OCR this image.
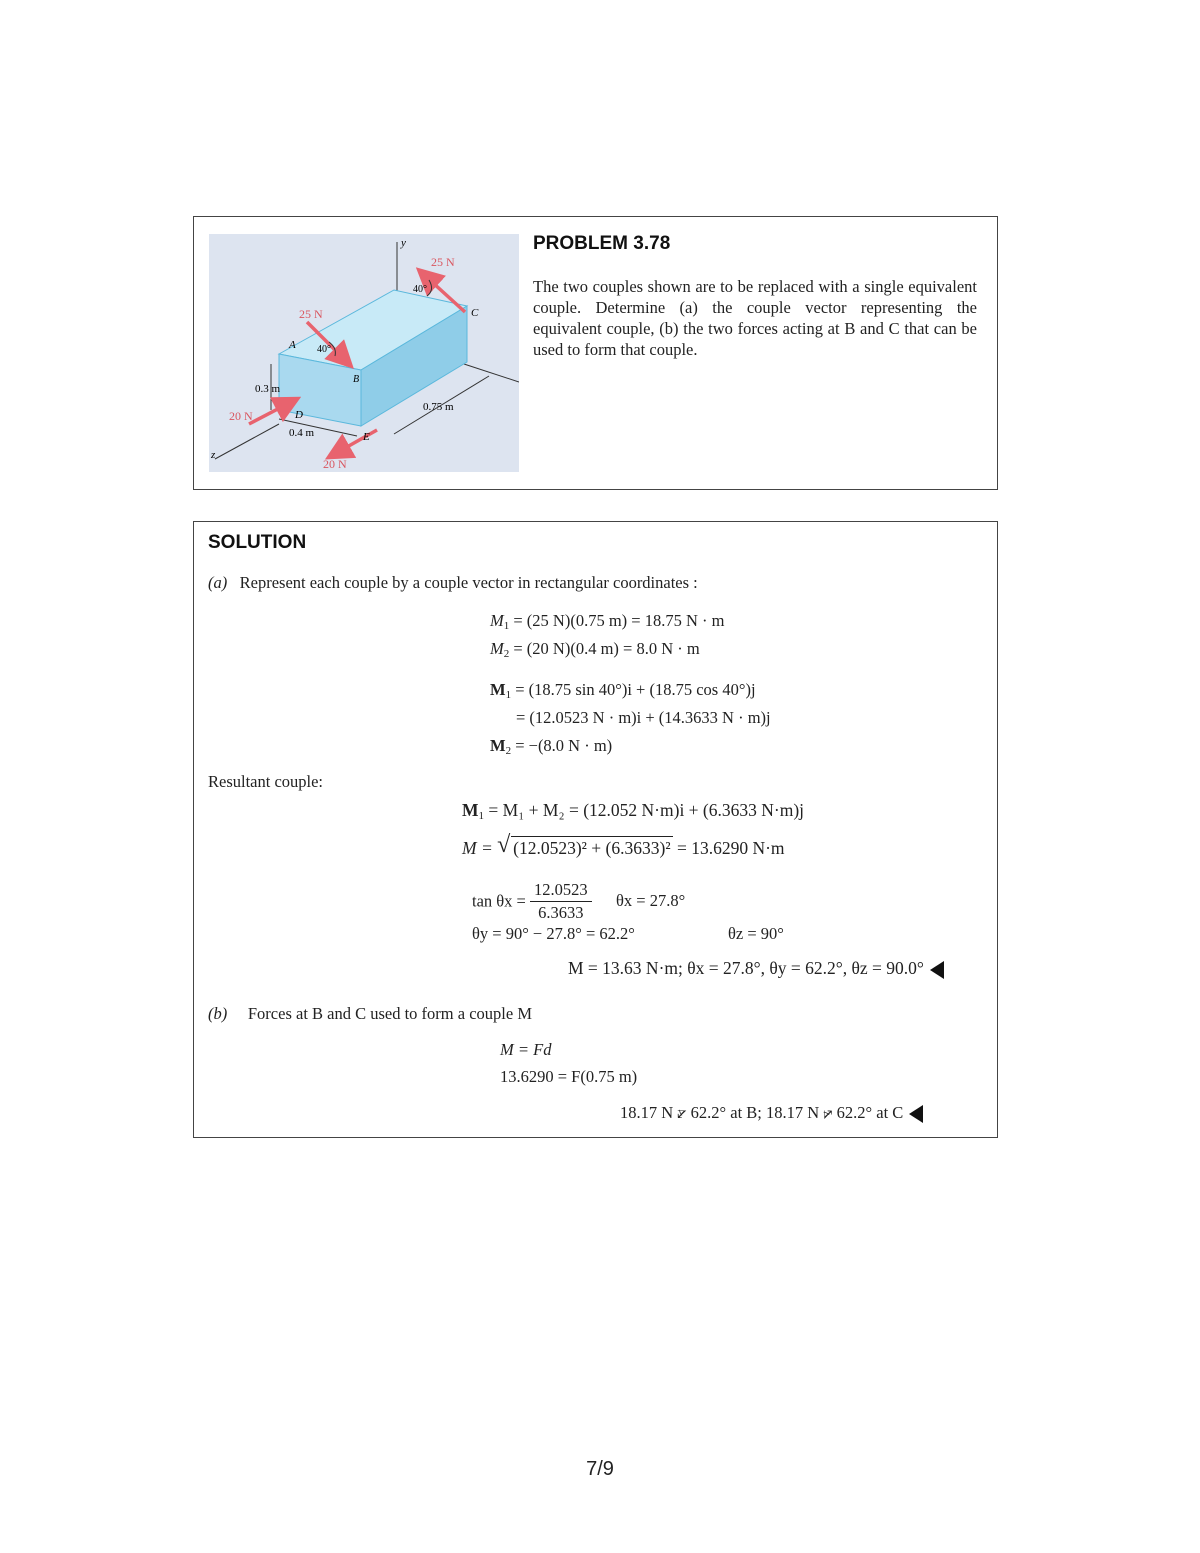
y
z
25 N
25 N
40°
40°
A
B
C
D
E
0.3 m
0.4 m
0.75 m
20 N
20 N
PROBLEM 3.78
The two couples shown are to be replaced with a single equivalent couple. Determine (a) the couple vector representing the equivalent couple, (b) the two forces acting at B and C that can be used to form that couple.
SOLUTION
(a) Represent each couple by a couple vector in rectangular coordinates :
$M_1 = (25$ N)(0.75 m) = 18.75 N · m
$M_2 = (20$ N)(0.4 m) = 8.0 N · m
$M_1 = (18.75$ sin 40°)i + (18.75 cos 40°)j
= (12.0523 N · m)i + (14.3633 N · m)j
$M_2 = -(8.0$ N · m)
Resultant couple:
$M_1 = M_1 + M_2 = (12.052$ N·m)i + (6.3633 N·m)j
M = √ (12.0523)² + (6.3633)² = 13.6290 N·m
$\tan \theta x = \frac{12.0523}{6.3633}$ θx = 27.8°
θy = 90° − 27.8° = 62.2°	θz = 90°
M = 13.63 N·m; θx = 27.8°, θy = 62.2°, θz = 90.0°
(b) Forces at B and C used to form a couple M
M = Fd
13.6290 = F(0.75 m)
18.17 N ⦫ 62.2° at B; 18.17 N ⦬ 62.2° at C
7/9
